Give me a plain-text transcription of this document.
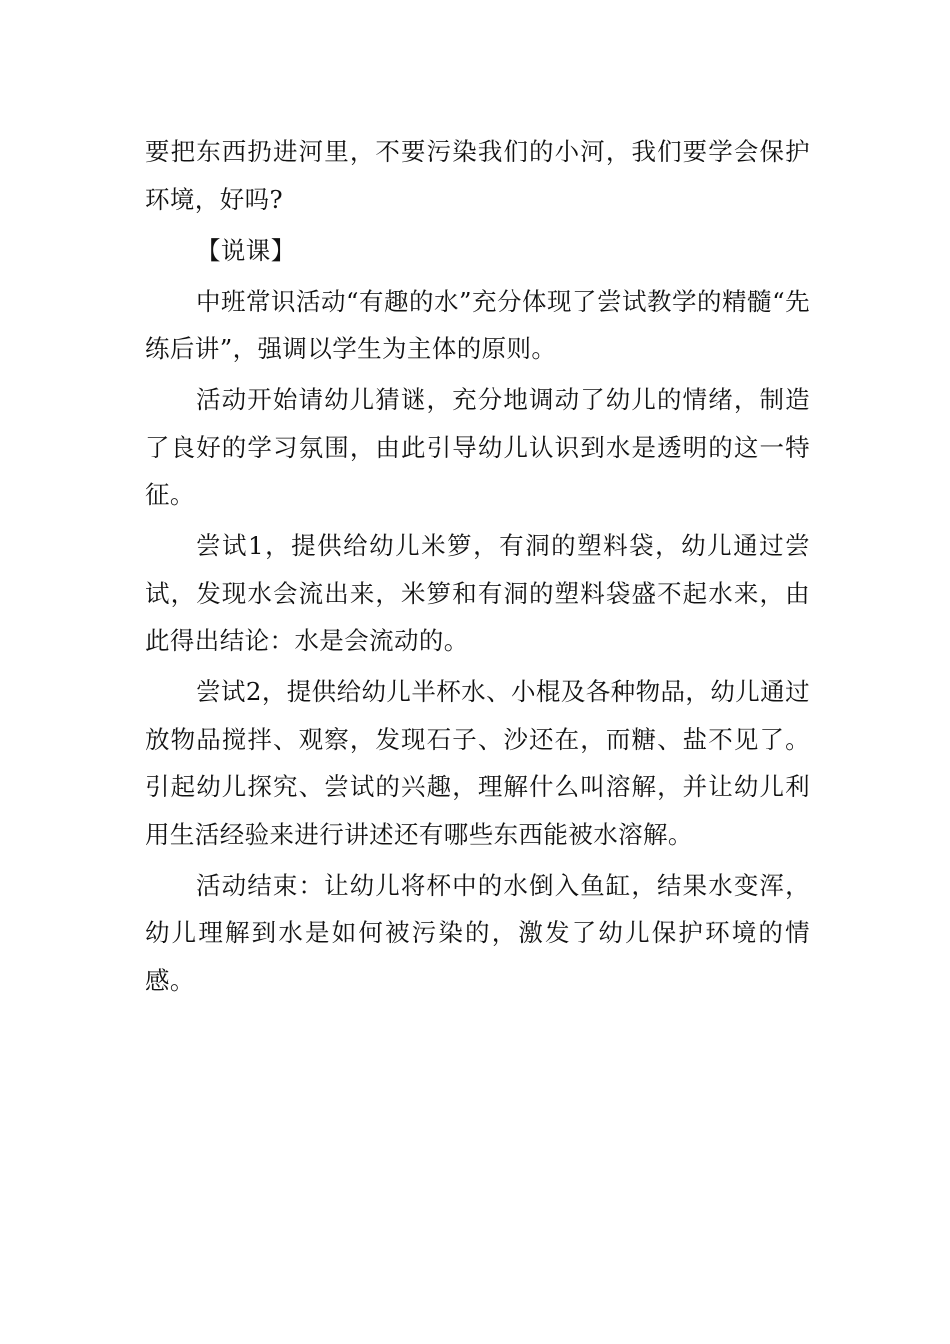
要把东西扔进河里，不要污染我们的小河，我们要学会保护环境，好吗?

【说课】

中班常识活动“有趣的水”充分体现了尝试教学的精髓“先练后讲”，强调以学生为主体的原则。

活动开始请幼儿猜谜，充分地调动了幼儿的情绪，制造了良好的学习氛围，由此引导幼儿认识到水是透明的这一特征。

尝试1，提供给幼儿米箩，有洞的塑料袋，幼儿通过尝试，发现水会流出来，米箩和有洞的塑料袋盛不起水来，由此得出结论：水是会流动的。

尝试2，提供给幼儿半杯水、小棍及各种物品，幼儿通过放物品搅拌、观察，发现石子、沙还在，而糖、盐不见了。引起幼儿探究、尝试的兴趣，理解什么叫溶解，并让幼儿利用生活经验来进行讲述还有哪些东西能被水溶解。

活动结束：让幼儿将杯中的水倒入鱼缸，结果水变浑，幼儿理解到水是如何被污染的，激发了幼儿保护环境的情感。
